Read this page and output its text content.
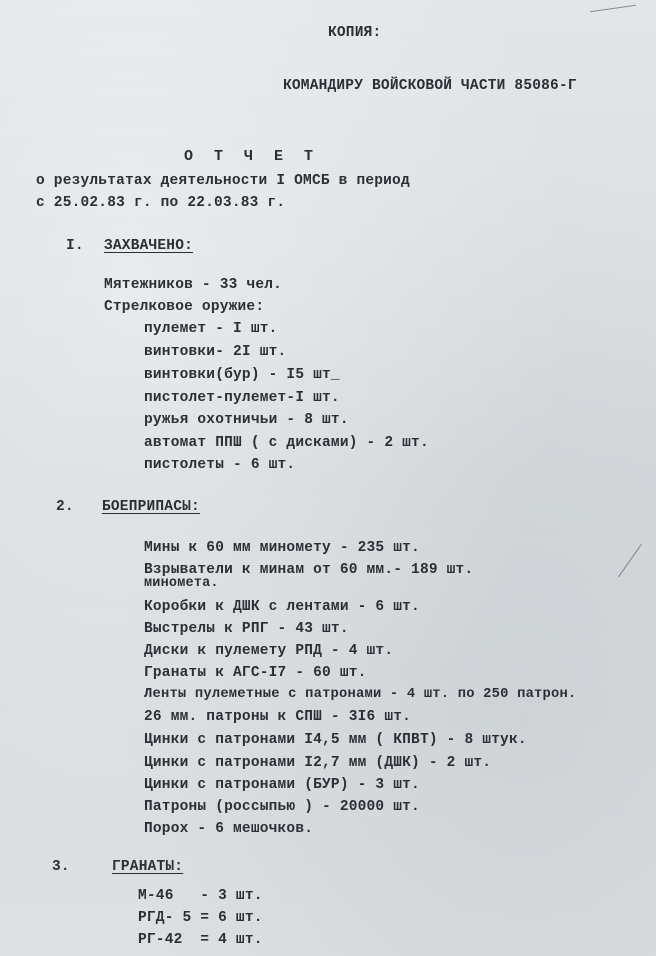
КОПИЯ:
КОМАНДИРУ ВОЙСКОВОЙ ЧАСТИ 85086-Г
О Т Ч Е Т
о результатах деятельности I ОМСБ в период
с 25.02.83 г. по 22.03.83 г.
I. ЗАХВАЧЕНО:
Мятежников - 33 чел.
Стрелковое оружие:
пулемет - I шт.
винтовки- 2I шт.
винтовки(бур) - I5 шт_
пистолет-пулемет-I шт.
ружья охотничьи - 8 шт.
автомат ППШ ( с дисками) - 2 шт.
пистолеты - 6 шт.
2. БОЕПРИПАСЫ:
Мины к 60 мм минометy - 235 шт.
Взрыватели к минам от 60 мм.- 189 шт.
миномета.
Коробки к ДШК с лентами - 6 шт.
Выстрелы к РПГ - 43 шт.
Диски к пулемету РПД - 4 шт.
Гранаты к АГС-I7 - 60 шт.
Ленты пулеметные с патронами - 4 шт. по 250 патрон.
26 мм. патроны к СПШ - 3I6 шт.
Цинки с патронами I4,5 мм ( КПВТ) - 8 штук.
Цинки с патронами I2,7 мм (ДШК) - 2 шт.
Цинки с патронами (БУР) - 3 шт.
Патроны (россыпью ) - 20000 шт.
Порох - 6 мешочков.
3.	ГРАНАТЫ:
М-46   - 3 шт.
РГД- 5 = 6 шт.
РГ-42  = 4 шт.
